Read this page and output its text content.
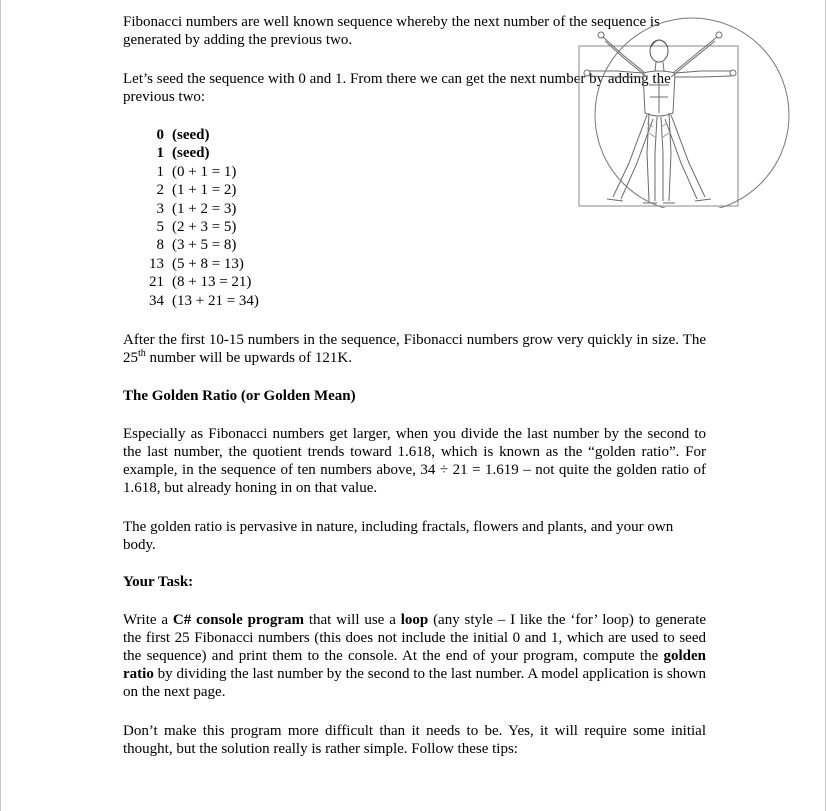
Fibonacci numbers are well known sequence whereby the next number of the sequence is generated by adding the previous two.

Let’s seed the sequence with 0 and 1. From there we can get the next number by adding the previous two:

0 (seed)
1 (seed)
1 (0 + 1 = 1)
2 (1 + 1 = 2)
3 (1 + 2 = 3)
5 (2 + 3 = 5)
8 (3 + 5 = 8)
13 (5 + 8 = 13)
21 (8 + 13 = 21)
34 (13 + 21 = 34)

After the first 10-15 numbers in the sequence, Fibonacci numbers grow very quickly in size. The 25th number will be upwards of 121K.

The Golden Ratio (or Golden Mean)

Especially as Fibonacci numbers get larger, when you divide the last number by the second to the last number, the quotient trends toward 1.618, which is known as the “golden ratio”. For example, in the sequence of ten numbers above, 34 ÷ 21 = 1.619 – not quite the golden ratio of 1.618, but already honing in on that value.

The golden ratio is pervasive in nature, including fractals, flowers and plants, and your own body.

Your Task:

Write a C# console program that will use a loop (any style – I like the ‘for’ loop) to generate the first 25 Fibonacci numbers (this does not include the initial 0 and 1, which are used to seed the sequence) and print them to the console. At the end of your program, compute the golden ratio by dividing the last number by the second to the last number. A model application is shown on the next page.

Don’t make this program more difficult than it needs to be. Yes, it will require some initial thought, but the solution really is rather simple. Follow these tips:
